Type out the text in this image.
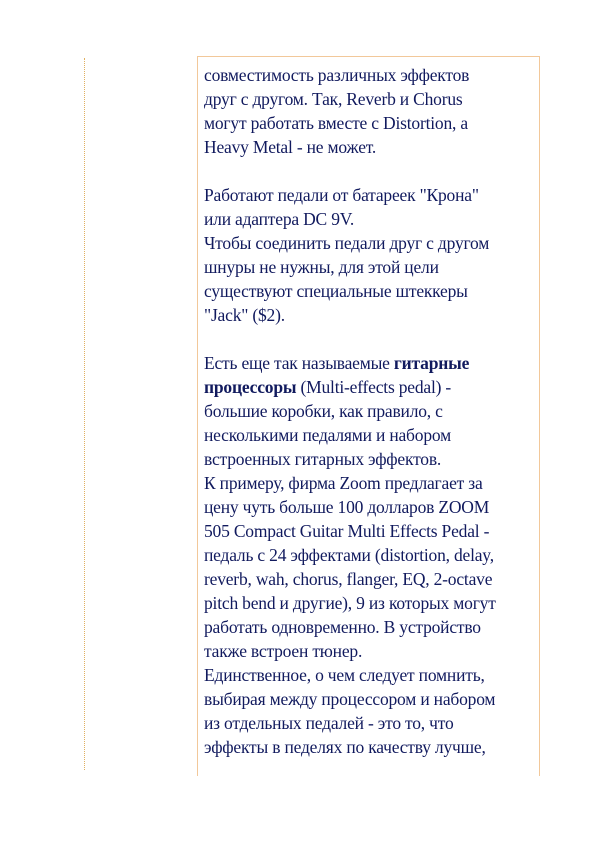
совместимость различных эффектов
друг с другом. Так, Reverb и Chorus
могут работать вместе с Distortion, а
Heavy Metal - не может.

Работают педали от батареек "Крона"
или адаптера DC 9V.
Чтобы соединить педали друг с другом
шнуры не нужны, для этой цели
существуют специальные штеккеры
"Jack" ($2).

Есть еще так называемые гитарные
процессоры (Multi-effects pedal) -
большие коробки, как правило, с
несколькими педалями и набором
встроенных гитарных эффектов.
К примеру, фирма Zoom предлагает за
цену чуть больше 100 долларов ZOOM
505 Compact Guitar Multi Effects Pedal -
педаль с 24 эффектами (distortion, delay,
reverb, wah, chorus, flanger, EQ, 2-octave
pitch bend и другие), 9 из которых могут
работать одновременно. В устройство
также встроен тюнер.
Единственное, о чем следует помнить,
выбирая между процессором и набором
из отдельных педалей - это то, что
эффекты в педелях по качеству лучше,
